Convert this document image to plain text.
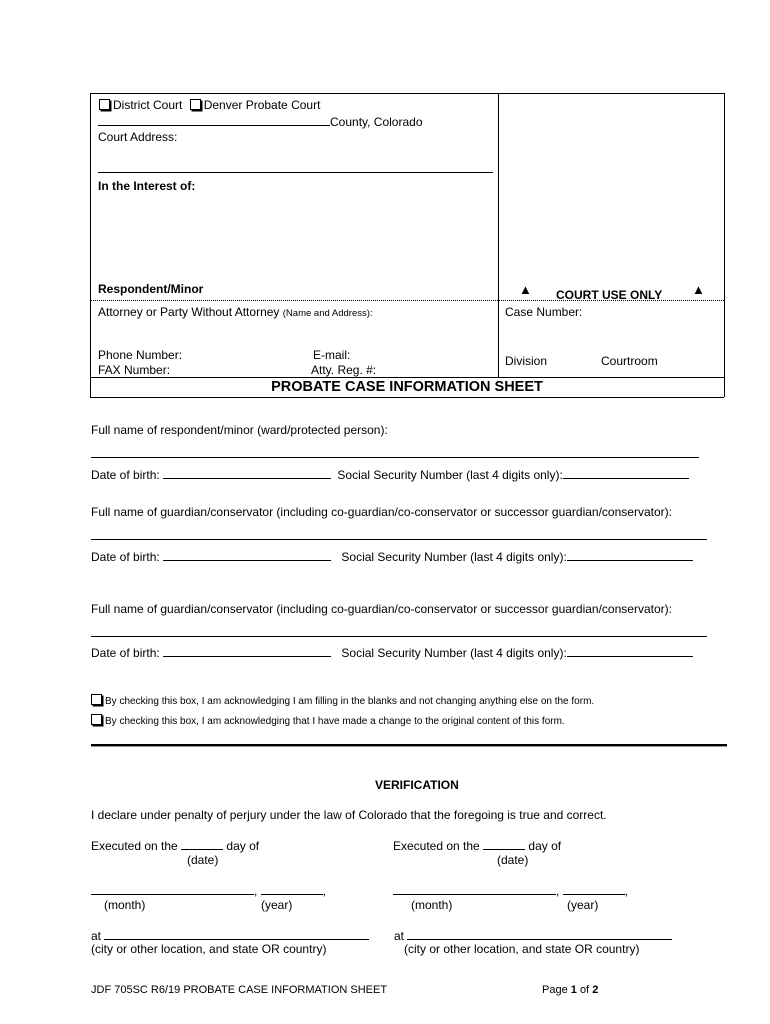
District Court Denver Probate Court
County, Colorado
Court Address:
In the Interest of:
Respondent/Minor
Attorney or Party Without Attorney (Name and Address):
Phone Number:
FAX Number:
E-mail:
Atty. Reg. #:
▲ COURT USE ONLY ▲
Case Number:
Division	Courtroom
PROBATE CASE INFORMATION SHEET
Full name of respondent/minor (ward/protected person):
Date of birth:	Social Security Number (last 4 digits only):
Full name of guardian/conservator (including co-guardian/co-conservator or successor guardian/conservator):
Date of birth:	Social Security Number (last 4 digits only):
Full name of guardian/conservator (including co-guardian/co-conservator or successor guardian/conservator):
Date of birth:	Social Security Number (last 4 digits only):
By checking this box, I am acknowledging I am filling in the blanks and not changing anything else on the form.
By checking this box, I am acknowledging that I have made a change to the original content of this form.
VERIFICATION
I declare under penalty of perjury under the law of Colorado that the foregoing is true and correct.
Executed on the	day of
(date)
,	,
(month)	(year)
at
(city or other location, and state OR country)
Executed on the	day of
(date)
,	,
(month)	(year)
at
(city or other location, and state OR country)
JDF 705SC R6/19 PROBATE CASE INFORMATION SHEET	Page 1 of 2
